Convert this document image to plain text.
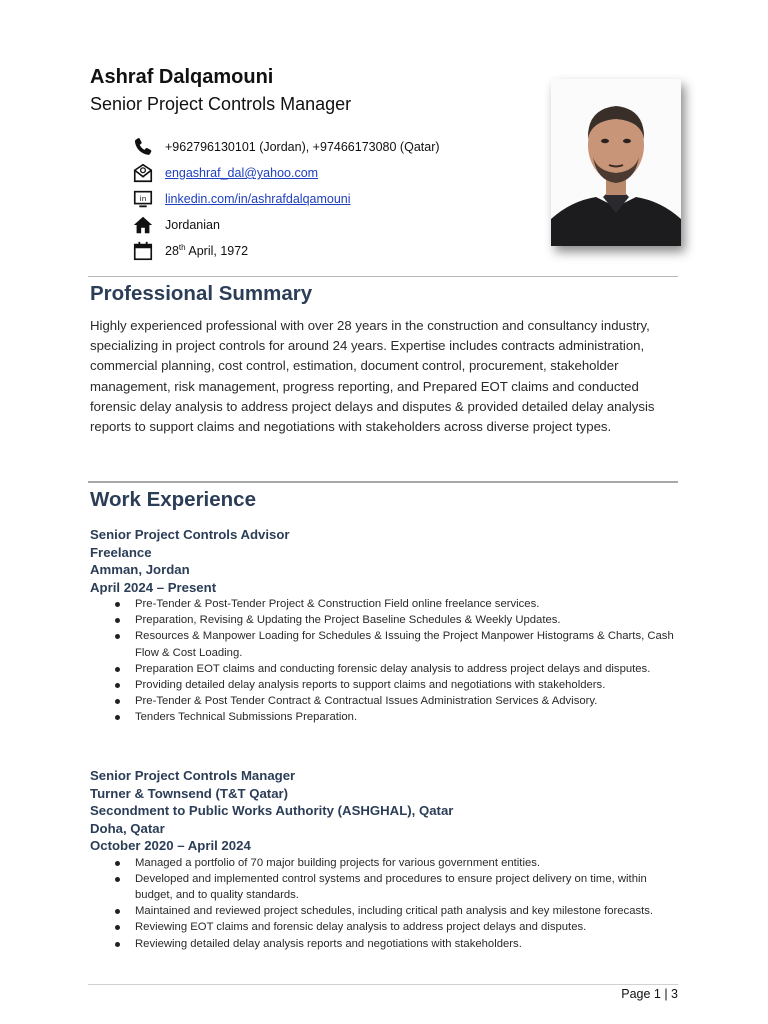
Ashraf Dalqamouni
Senior Project Controls Manager
+962796130101 (Jordan), +97466173080 (Qatar)
engashraf_dal@yahoo.com
in linkedin.com/in/ashrafdalqamouni
Jordanian
28th April, 1972
Professional Summary
Highly experienced professional with over 28 years in the construction and consultancy industry, specializing in project controls for around 24 years. Expertise includes contracts administration, commercial planning, cost control, estimation, document control, procurement, stakeholder management, risk management, progress reporting, and Prepared EOT claims and conducted forensic delay analysis to address project delays and disputes & provided detailed delay analysis reports to support claims and negotiations with stakeholders across diverse project types.
Work Experience
Senior Project Controls Advisor
Freelance
Amman, Jordan
April 2024 – Present
Pre-Tender & Post-Tender Project & Construction Field online freelance services.
Preparation, Revising & Updating the Project Baseline Schedules & Weekly Updates.
Resources & Manpower Loading for Schedules & Issuing the Project Manpower Histograms & Charts, Cash Flow & Cost Loading.
Preparation EOT claims and conducting forensic delay analysis to address project delays and disputes.
Providing detailed delay analysis reports to support claims and negotiations with stakeholders.
Pre-Tender & Post Tender Contract & Contractual Issues Administration Services & Advisory.
Tenders Technical Submissions Preparation.
Senior Project Controls Manager
Turner & Townsend (T&T Qatar)
Secondment to Public Works Authority (ASHGHAL), Qatar
Doha, Qatar
October 2020 – April 2024
Managed a portfolio of 70 major building projects for various government entities.
Developed and implemented control systems and procedures to ensure project delivery on time, within budget, and to quality standards.
Maintained and reviewed project schedules, including critical path analysis and key milestone forecasts.
Reviewing EOT claims and forensic delay analysis to address project delays and disputes.
Reviewing detailed delay analysis reports and negotiations with stakeholders.
Page 1 | 3
